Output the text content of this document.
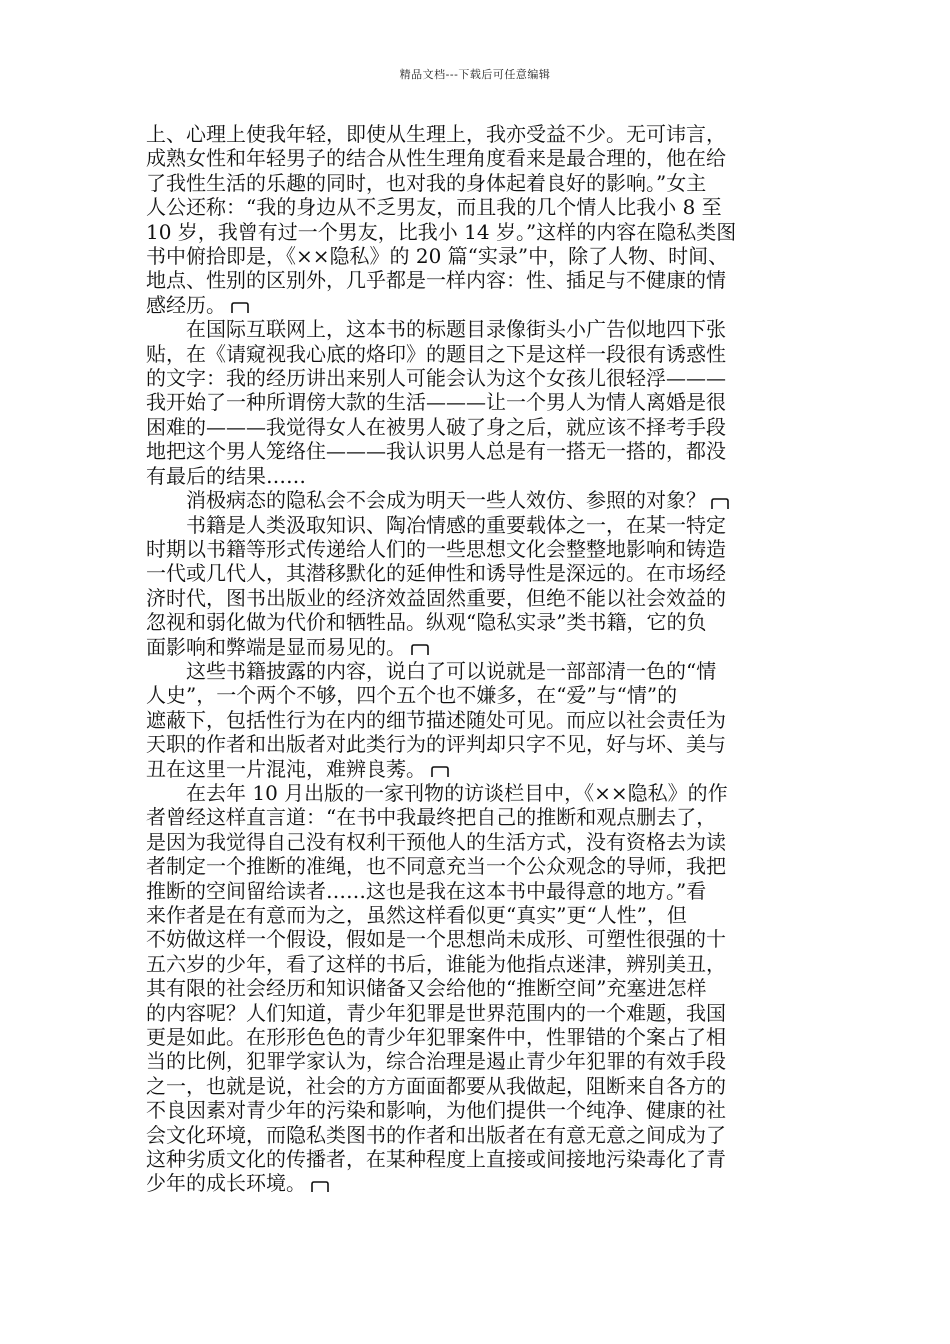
精品文档---下载后可任意编辑
上、心理上使我年轻，即使从生理上，我亦受益不少。无可讳言，
成熟女性和年轻男子的结合从性生理角度看来是最合理的，他在给
了我性生活的乐趣的同时，也对我的身体起着良好的影响。”女主
人公还称：“我的身边从不乏男友，而且我的几个情人比我小 8 至
10 岁，我曾有过一个男友，比我小 14 岁。”这样的内容在隐私类图
书中俯拾即是，《××隐私》的 20 篇“实录”中，除了人物、时间、
地点、性别的区别外，几乎都是一样内容：性、插足与不健康的情
感经历。
在国际互联网上，这本书的标题目录像街头小广告似地四下张
贴，在《请窥视我心底的烙印》的题目之下是这样一段很有诱惑性
的文字：我的经历讲出来别人可能会认为这个女孩儿很轻浮———
我开始了一种所谓傍大款的生活———让一个男人为情人离婚是很
困难的———我觉得女人在被男人破了身之后，就应该不择考手段
地把这个男人笼络住———我认识男人总是有一搭无一搭的，都没
有最后的结果……
消极病态的隐私会不会成为明天一些人效仿、参照的对象？
书籍是人类汲取知识、陶冶情感的重要载体之一，在某一特定
时期以书籍等形式传递给人们的一些思想文化会整整地影响和铸造
一代或几代人，其潜移默化的延伸性和诱导性是深远的。在市场经
济时代，图书出版业的经济效益固然重要，但绝不能以社会效益的
忽视和弱化做为代价和牺牲品。纵观“隐私实录”类书籍，它的负
面影响和弊端是显而易见的。
这些书籍披露的内容，说白了可以说就是一部部清一色的“情
人史”，一个两个不够，四个五个也不嫌多，在“爱”与“情”的
遮蔽下，包括性行为在内的细节描述随处可见。而应以社会责任为
天职的作者和出版者对此类行为的评判却只字不见，好与坏、美与
丑在这里一片混沌，难辨良莠。
在去年 10 月出版的一家刊物的访谈栏目中，《××隐私》的作
者曾经这样直言道：“在书中我最终把自己的推断和观点删去了，
是因为我觉得自己没有权利干预他人的生活方式，没有资格去为读
者制定一个推断的准绳，也不同意充当一个公众观念的导师，我把
推断的空间留给读者……这也是我在这本书中最得意的地方。”看
来作者是在有意而为之，虽然这样看似更“真实”更“人性”，但
不妨做这样一个假设，假如是一个思想尚未成形、可塑性很强的十
五六岁的少年，看了这样的书后，谁能为他指点迷津，辨别美丑，
其有限的社会经历和知识储备又会给他的“推断空间”充塞进怎样
的内容呢？人们知道，青少年犯罪是世界范围内的一个难题，我国
更是如此。在形形色色的青少年犯罪案件中，性罪错的个案占了相
当的比例，犯罪学家认为，综合治理是遏止青少年犯罪的有效手段
之一，也就是说，社会的方方面面都要从我做起，阻断来自各方的
不良因素对青少年的污染和影响，为他们提供一个纯净、健康的社
会文化环境，而隐私类图书的作者和出版者在有意无意之间成为了
这种劣质文化的传播者，在某种程度上直接或间接地污染毒化了青
少年的成长环境。
